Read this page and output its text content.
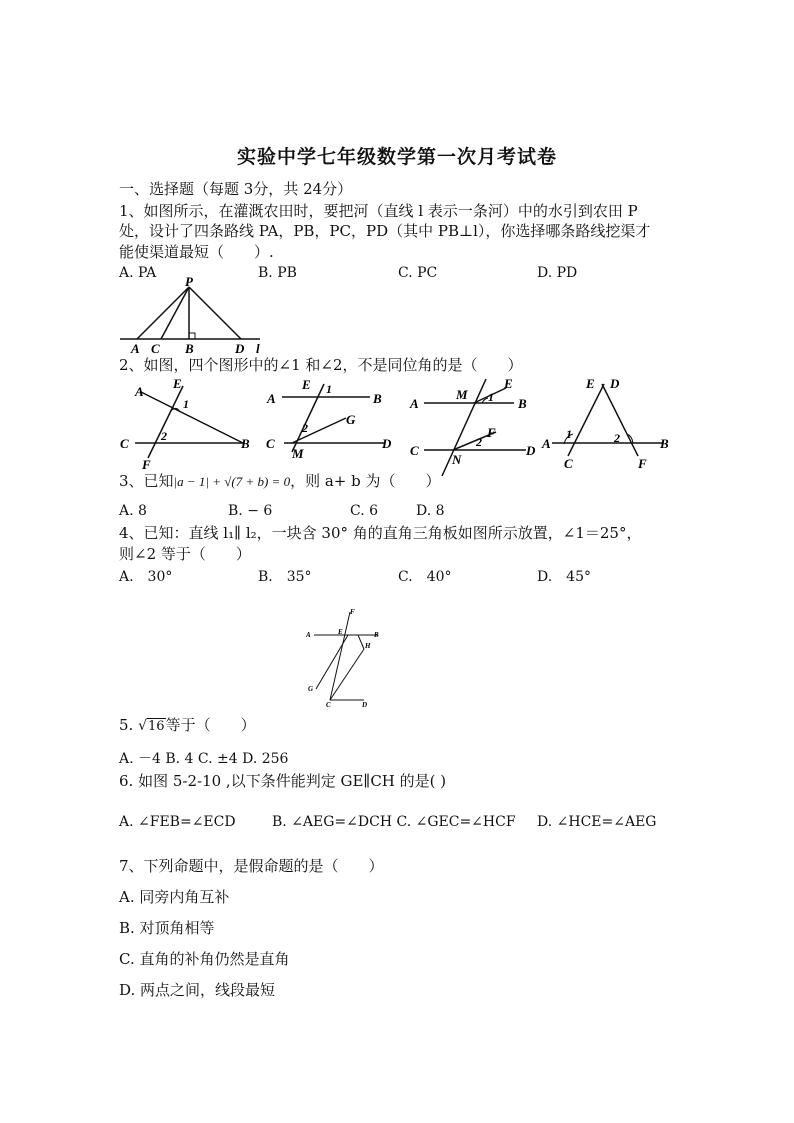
实验中学七年级数学第一次月考试卷
一、选择题（每题 3分，共 24分）
1、如图所示，在灌溉农田时，要把河（直线 l 表示一条河）中的水引到农田 P
处，设计了四条路线 PA，PB，PC，PD（其中 PB⊥l），你选择哪条路线挖渠才
能使渠道最短（　　）.
A. PA	B. PB	C. PC	D. PD
P
A C B	D l
2、如图，四个图形中的∠1 和∠2，不是同位角的是（　　）
A
E
1
2
C	B
F
E 1
A	B
2
G
C
M
D
M
E
A	1 B
F
2
C
N
D
E D
1	2
A	B
C	F
3、已知|a − 1| + √(7 + b) = 0，则 a+ b 为（　　）
A. 8	B. − 6	C. 6	D. 8
4、已知：直线 l₁∥ l₂，一块含 30° 角的直角三角板如图所示放置，∠1＝25°，
则∠2 等于（　　）
A.　30°	B.　35°	C.　40°	D.　45°
F
A	E	B
H
G
C	D
5. √16等于（　　）
A. －4 B. 4 C. ±4 D. 256
6. 如图 5-2-10 ,以下条件能判定 GE∥CH 的是( )
A. ∠FEB=∠ECD	B. ∠AEG=∠DCH C. ∠GEC=∠HCF D. ∠HCE=∠AEG
7、下列命题中，是假命题的是（　　）
A. 同旁内角互补
B. 对顶角相等
C. 直角的补角仍然是直角
D. 两点之间，线段最短
